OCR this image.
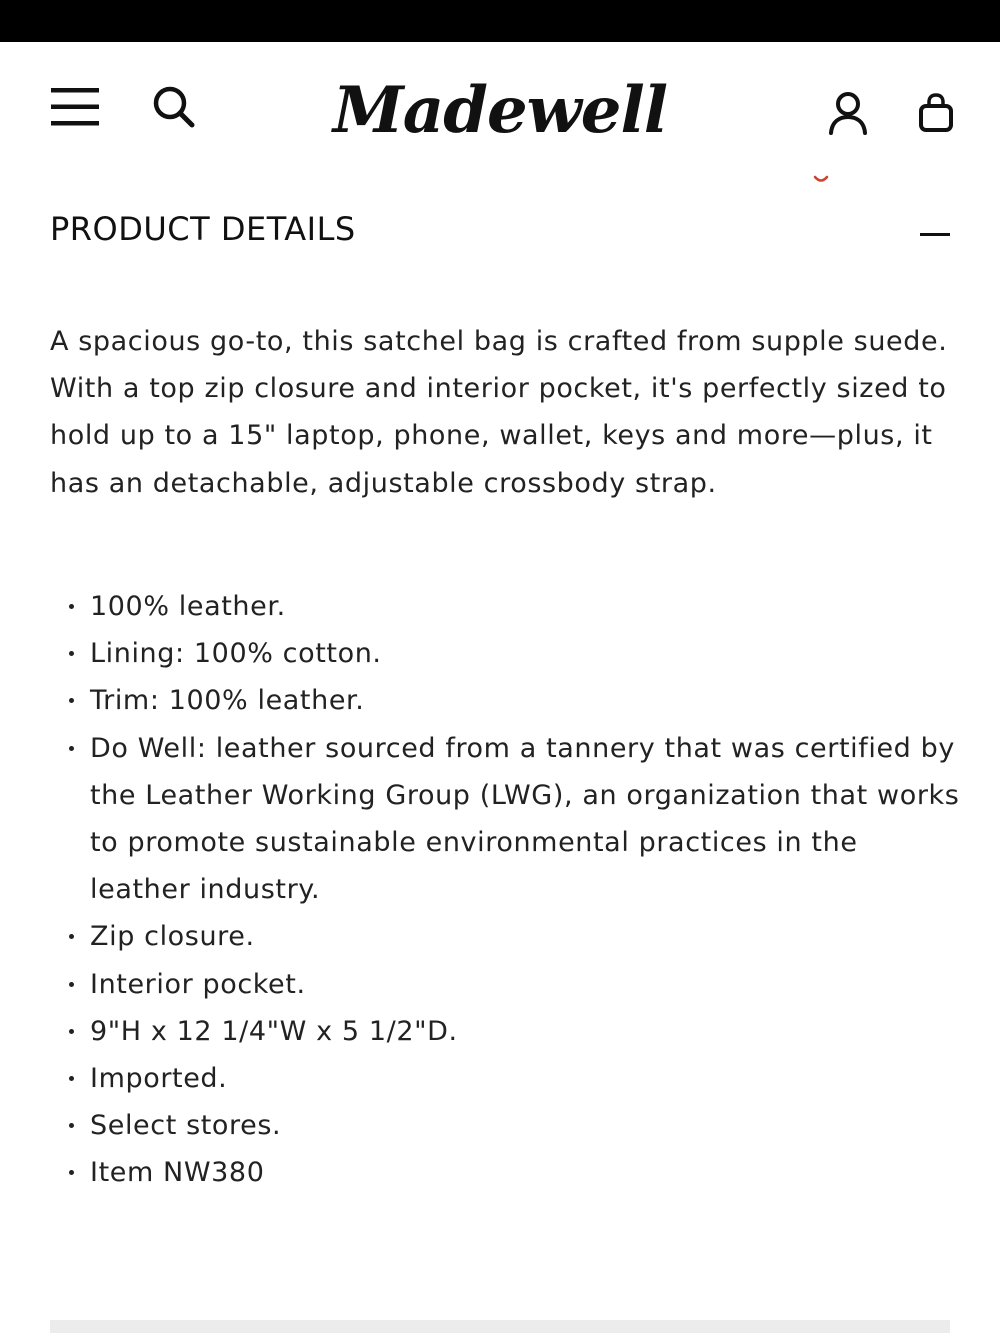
Madewell
PRODUCT DETAILS

A spacious go-to, this satchel bag is crafted from supple suede. With a top zip closure and interior pocket, it's perfectly sized to hold up to a 15" laptop, phone, wallet, keys and more—plus, it has an detachable, adjustable crossbody strap.

100% leather.
Lining: 100% cotton.
Trim: 100% leather.
Do Well: leather sourced from a tannery that was certified by the Leather Working Group (LWG), an organization that works to promote sustainable environmental practices in the leather industry.
Zip closure.
Interior pocket.
9"H x 12 1/4"W x 5 1/2"D.
Imported.
Select stores.
Item NW380
